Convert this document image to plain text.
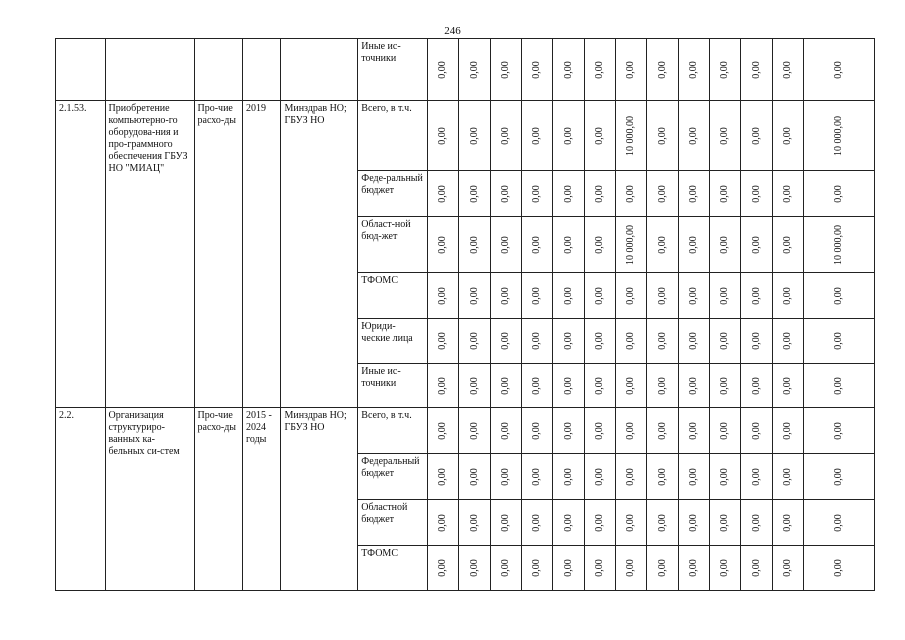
246
					Иные ис-точники	0,00	0,00	0,00	0,00	0,00	0,00	0,00	0,00	0,00	0,00	0,00	0,00	0,00

2.1.53.	Приобретение компьютерно-го оборудова-ния и про-граммного обеспечения ГБУЗ НО "МИАЦ"	Про-чие расхо-ды	2019	Минздрав НО; ГБУЗ НО	Всего, в т.ч.	0,00	0,00	0,00	0,00	0,00	0,00	10 000,00	0,00	0,00	0,00	0,00	0,00	10 000,00

					Феде-ральный бюджет	0,00	0,00	0,00	0,00	0,00	0,00	0,00	0,00	0,00	0,00	0,00	0,00	0,00

					Област-ной бюд-жет	0,00	0,00	0,00	0,00	0,00	0,00	10 000,00	0,00	0,00	0,00	0,00	0,00	10 000,00

					ТФОМС	0,00	0,00	0,00	0,00	0,00	0,00	0,00	0,00	0,00	0,00	0,00	0,00	0,00

					Юриди-ческие лица	0,00	0,00	0,00	0,00	0,00	0,00	0,00	0,00	0,00	0,00	0,00	0,00	0,00

					Иные ис-точники	0,00	0,00	0,00	0,00	0,00	0,00	0,00	0,00	0,00	0,00	0,00	0,00	0,00

2.2.	Организация структуриро-ванных ка-бельных си-стем	Про-чие расхо-ды	2015 - 2024 годы	Минздрав НО; ГБУЗ НО	Всего, в т.ч.	0,00	0,00	0,00	0,00	0,00	0,00	0,00	0,00	0,00	0,00	0,00	0,00	0,00

					Федеральный бюджет	0,00	0,00	0,00	0,00	0,00	0,00	0,00	0,00	0,00	0,00	0,00	0,00	0,00

					Областной бюджет	0,00	0,00	0,00	0,00	0,00	0,00	0,00	0,00	0,00	0,00	0,00	0,00	0,00

					ТФОМС	0,00	0,00	0,00	0,00	0,00	0,00	0,00	0,00	0,00	0,00	0,00	0,00	0,00
